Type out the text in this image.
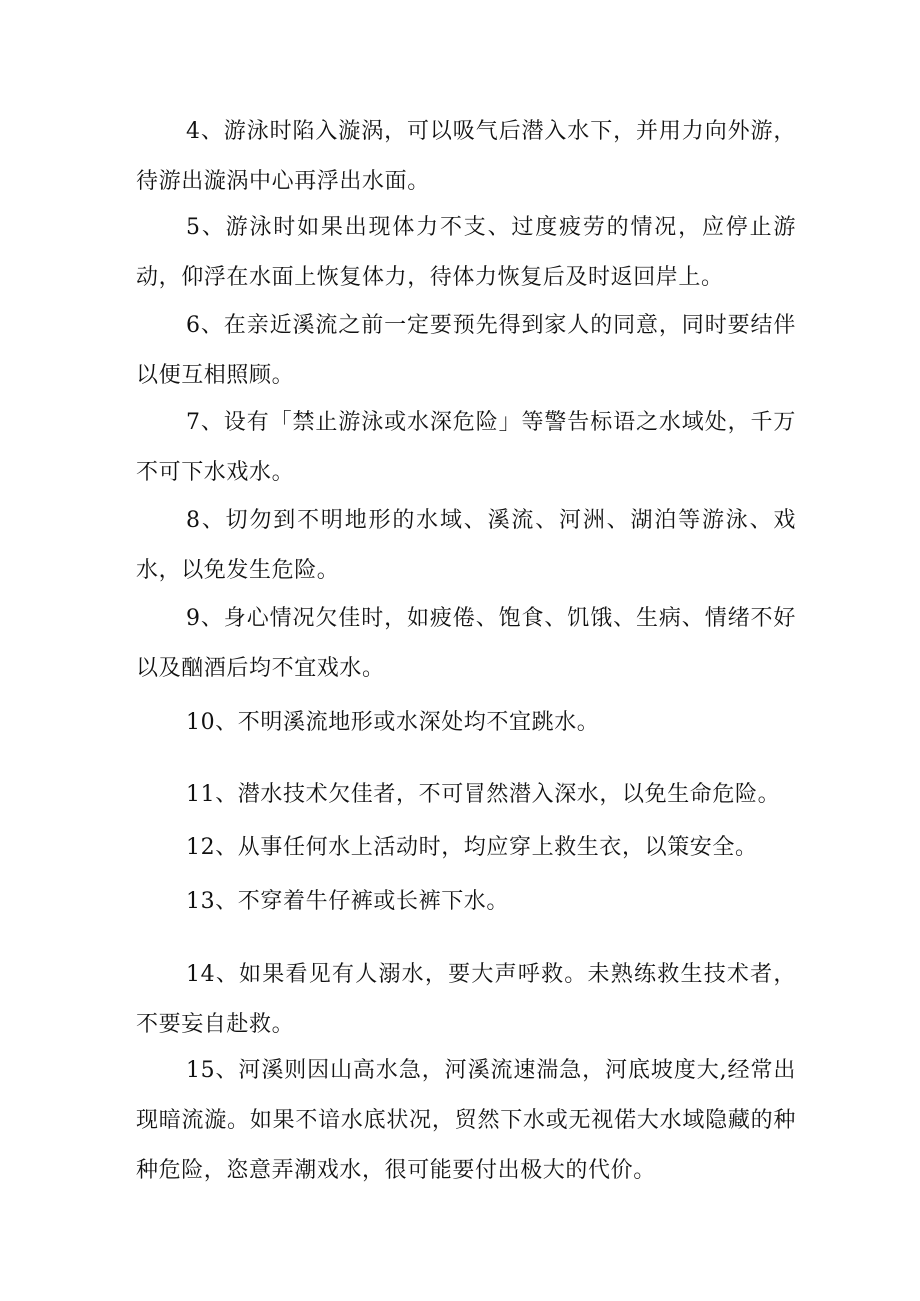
4、游泳时陷入漩涡，可以吸气后潜入水下，并用力向外游，待游出漩涡中心再浮出水面。

5、游泳时如果出现体力不支、过度疲劳的情况，应停止游动，仰浮在水面上恢复体力，待体力恢复后及时返回岸上。

6、在亲近溪流之前一定要预先得到家人的同意，同时要结伴以便互相照顾。

7、设有「禁止游泳或水深危险」等警告标语之水域处，千万不可下水戏水。

8、切勿到不明地形的水域、溪流、河洲、湖泊等游泳、戏水，以免发生危险。

9、身心情况欠佳时，如疲倦、饱食、饥饿、生病、情绪不好以及酗酒后均不宜戏水。

10、不明溪流地形或水深处均不宜跳水。

11、潜水技术欠佳者，不可冒然潜入深水，以免生命危险。

12、从事任何水上活动时，均应穿上救生衣，以策安全。

13、不穿着牛仔裤或长裤下水。

14、如果看见有人溺水，要大声呼救。未熟练救生技术者，不要妄自赴救。

15、河溪则因山高水急，河溪流速湍急，河底坡度大,经常出现暗流漩。如果不谙水底状况，贸然下水或无视偌大水域隐藏的种种危险，恣意弄潮戏水，很可能要付出极大的代价。
